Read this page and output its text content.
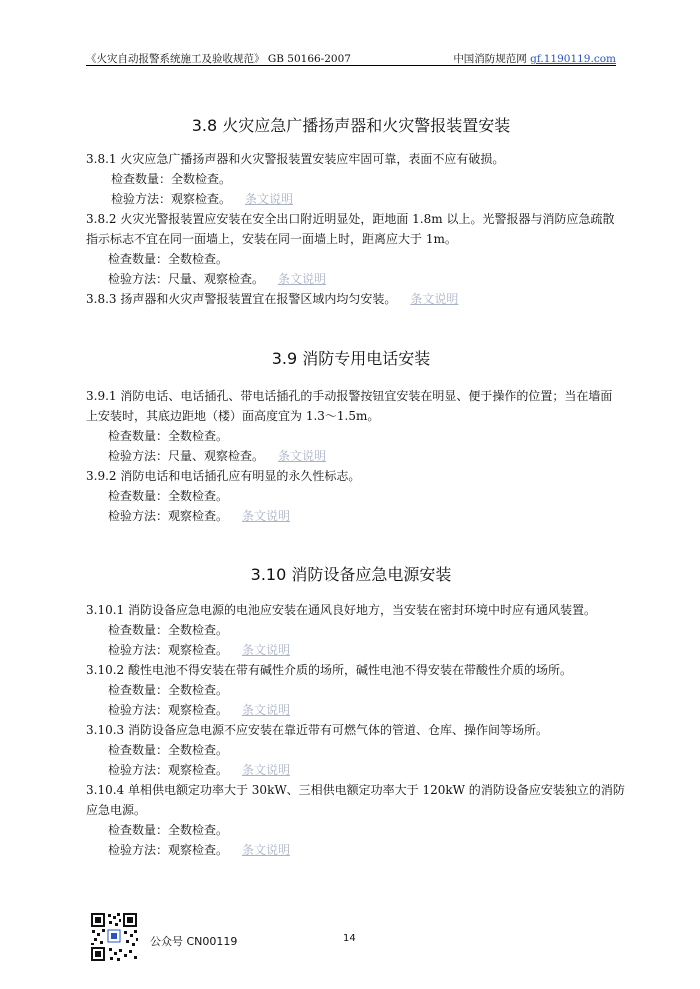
《火灾自动报警系统施工及验收规范》 GB 50166-2007	中国消防规范网 gf.1190119.com
3.8 火灾应急广播扬声器和火灾警报装置安装
3.8.1 火灾应急广播扬声器和火灾警报装置安装应牢固可靠，表面不应有破损。
检查数量：全数检查。
检验方法：观察检查。 条文说明
3.8.2 火灾光警报装置应安装在安全出口附近明显处，距地面 1.8m 以上。光警报器与消防应急疏散
指示标志不宜在同一面墙上，安装在同一面墙上时，距离应大于 1m。
检查数量：全数检查。
检验方法：尺量、观察检查。 条文说明
3.8.3 扬声器和火灾声警报装置宜在报警区域内均匀安装。 条文说明
3.9 消防专用电话安装
3.9.1 消防电话、电话插孔、带电话插孔的手动报警按钮宜安装在明显、便于操作的位置；当在墙面
上安装时，其底边距地（楼）面高度宜为 1.3～1.5m。
检查数量：全数检查。
检验方法：尺量、观察检查。 条文说明
3.9.2 消防电话和电话插孔应有明显的永久性标志。
检查数量：全数检查。
检验方法：观察检查。 条文说明
3.10 消防设备应急电源安装
3.10.1 消防设备应急电源的电池应安装在通风良好地方，当安装在密封环境中时应有通风装置。
检查数量：全数检查。
检验方法：观察检查。 条文说明
3.10.2 酸性电池不得安装在带有碱性介质的场所，碱性电池不得安装在带酸性介质的场所。
检查数量：全数检查。
检验方法：观察检查。 条文说明
3.10.3 消防设备应急电源不应安装在靠近带有可燃气体的管道、仓库、操作间等场所。
检查数量：全数检查。
检验方法：观察检查。 条文说明
3.10.4 单相供电额定功率大于 30kW、三相供电额定功率大于 120kW 的消防设备应安装独立的消防
应急电源。
检查数量：全数检查。
检验方法：观察检查。 条文说明
公众号 CN00119	14
